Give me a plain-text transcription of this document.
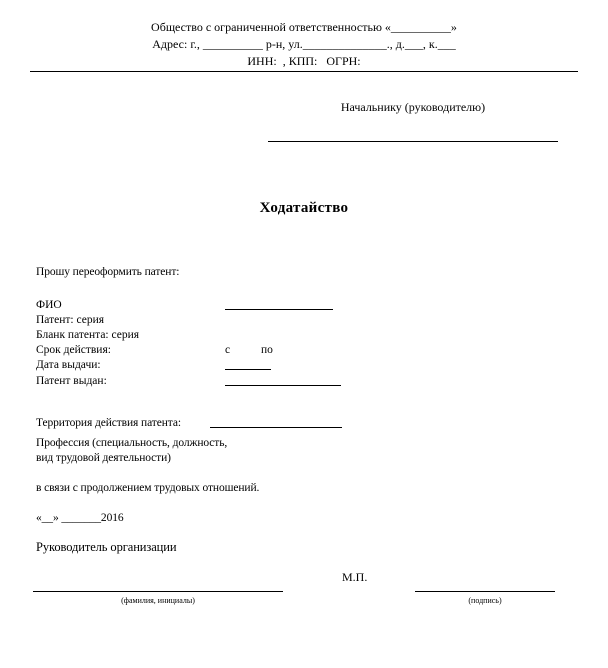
Общество с ограниченной ответственностью «__________»
Адрес: г., __________ р-н, ул.______________., д.___, к.___
ИНН:  , КПП:   ОГРН:
Начальнику (руководителю)
Ходатайство
Прошу переоформить патент:
ФИО
Патент: серия
Бланк патента: серия
Срок действия:	с	по
Дата выдачи:
Патент выдан:
Территория действия патента:
Профессия (специальность, должность,
вид трудовой деятельности)
в связи с продолжением трудовых отношений.
«__» _______2016
Руководитель организации
М.П.
(фамилия, инициалы)	(подпись)
